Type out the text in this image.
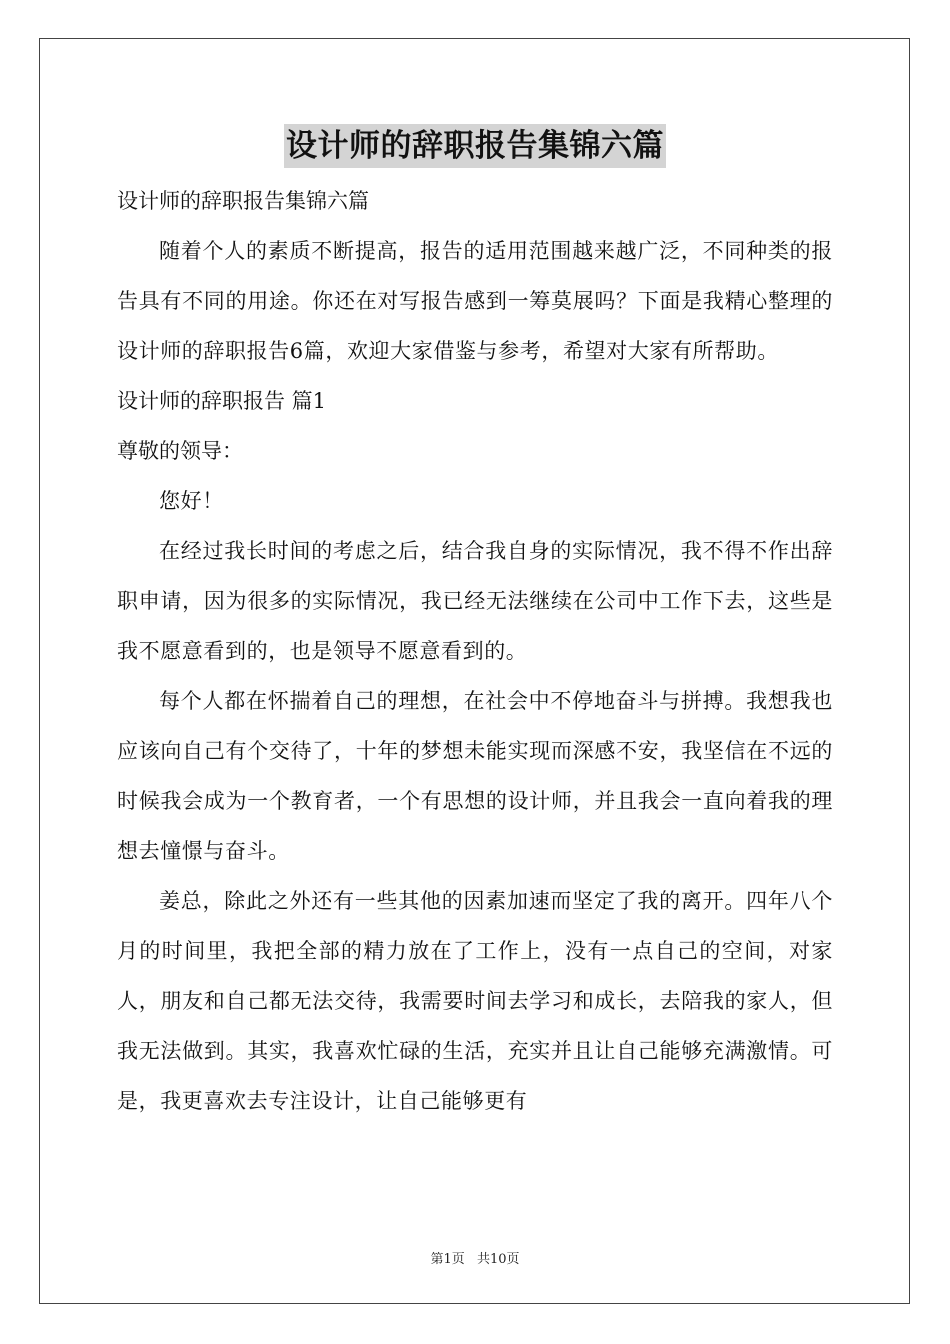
设计师的辞职报告集锦六篇
设计师的辞职报告集锦六篇

随着个人的素质不断提高，报告的适用范围越来越广泛，不同种类的报告具有不同的用途。你还在对写报告感到一筹莫展吗？下面是我精心整理的设计师的辞职报告6篇，欢迎大家借鉴与参考，希望对大家有所帮助。

设计师的辞职报告 篇1
尊敬的领导：

您好！

在经过我长时间的考虑之后，结合我自身的实际情况，我不得不作出辞职申请，因为很多的实际情况，我已经无法继续在公司中工作下去，这些是我不愿意看到的，也是领导不愿意看到的。

每个人都在怀揣着自己的理想，在社会中不停地奋斗与拼搏。我想我也应该向自己有个交待了，十年的梦想未能实现而深感不安，我坚信在不远的时候我会成为一个教育者，一个有思想的设计师，并且我会一直向着我的理想去憧憬与奋斗。

姜总，除此之外还有一些其他的因素加速而坚定了我的离开。四年八个月的时间里，我把全部的精力放在了工作上，没有一点自己的空间，对家人，朋友和自己都无法交待，我需要时间去学习和成长，去陪我的家人，但我无法做到。其实，我喜欢忙碌的生活，充实并且让自己能够充满激情。可是，我更喜欢去专注设计，让自己能够更有

第1页 共10页
